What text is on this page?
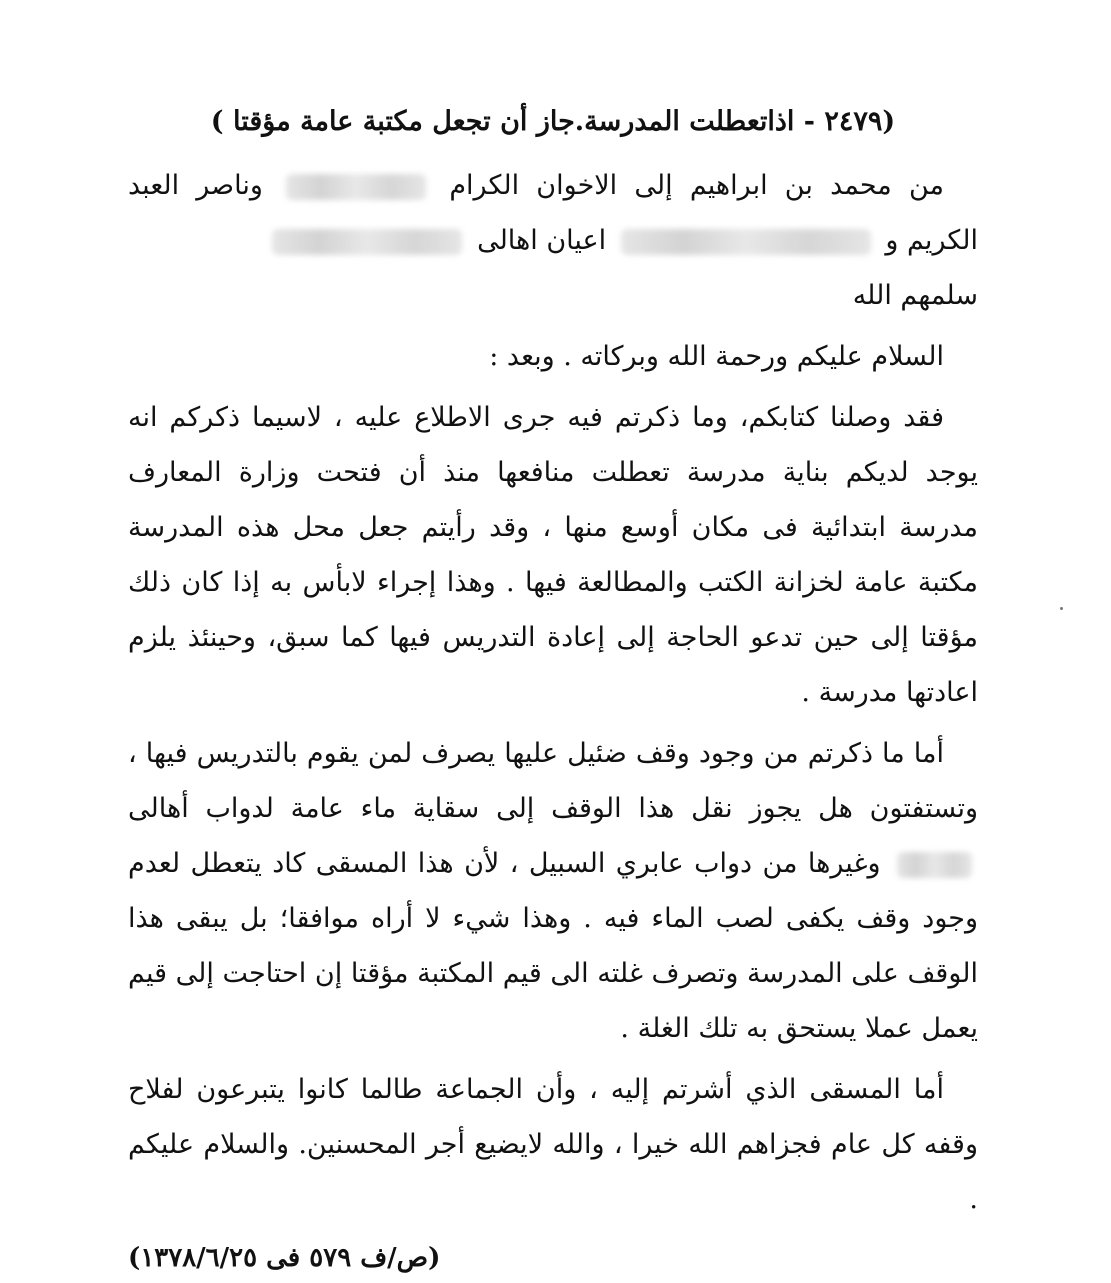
(٢٤٧٩ - اذاتعطلت المدرسة.جاز أن تجعل مكتبة عامة مؤقتا )

من محمد بن ابراهيم إلى الاخوان الكرام  وناصر العبد الكريم و  اعيان اهالى
سلمهم الله

السلام عليكم ورحمة الله وبركاته . وبعد :

فقد وصلنا كتابكم، وما ذكرتم فيه جرى الاطلاع عليه ، لاسيما ذكركم انه يوجد لديكم بناية مدرسة تعطلت منافعها منذ أن فتحت وزارة المعارف مدرسة ابتدائية فى مكان أوسع منها ، وقد رأيتم جعل محل هذه المدرسة مكتبة عامة لخزانة الكتب والمطالعة فيها . وهذا إجراء لابأس به إذا كان ذلك مؤقتا إلى حين تدعو الحاجة إلى إعادة التدريس فيها كما سبق، وحينئذ يلزم اعادتها مدرسة .

أما ما ذكرتم من وجود وقف ضئيل عليها يصرف لمن يقوم بالتدريس فيها ، وتستفتون هل يجوز نقل هذا الوقف إلى سقاية ماء عامة لدواب أهالى  وغيرها من دواب عابري السبيل ، لأن هذا المسقى كاد يتعطل لعدم وجود وقف يكفى لصب الماء فيه . وهذا شيء لا أراه موافقا؛ بل يبقى هذا الوقف على المدرسة وتصرف غلته الى قيم المكتبة مؤقتا إن احتاجت إلى قيم يعمل عملا يستحق به تلك الغلة .

أما المسقى الذي أشرتم إليه ، وأن الجماعة طالما كانوا يتبرعون لفلاح وقفه كل عام فجزاهم الله خيرا ، والله لايضيع أجر المحسنين. والسلام عليكم .

(ص/ف ٥٧٩ فى ١٣٧٨/٦/٢٥)
